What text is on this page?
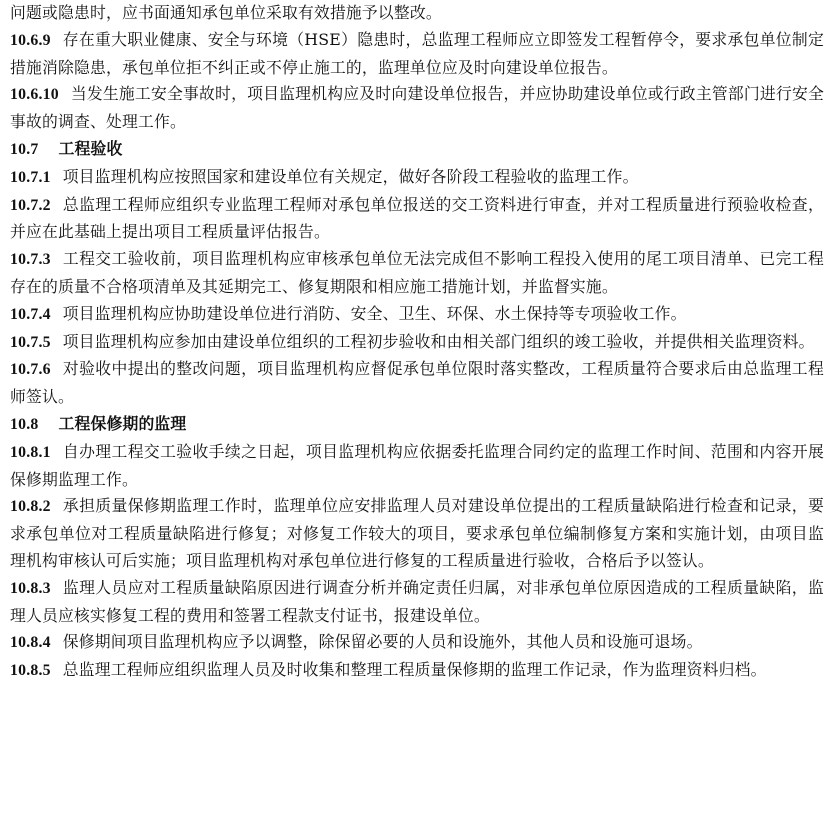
问题或隐患时，应书面通知承包单位采取有效措施予以整改。

10.6.9 存在重大职业健康、安全与环境（HSE）隐患时，总监理工程师应立即签发工程暂停令，要求承包单位制定措施消除隐患，承包单位拒不纠正或不停止施工的，监理单位应及时向建设单位报告。

10.6.10 当发生施工安全事故时，项目监理机构应及时向建设单位报告，并应协助建设单位或行政主管部门进行安全事故的调查、处理工作。

10.7 工程验收

10.7.1 项目监理机构应按照国家和建设单位有关规定，做好各阶段工程验收的监理工作。

10.7.2 总监理工程师应组织专业监理工程师对承包单位报送的交工资料进行审查，并对工程质量进行预验收检查，并应在此基础上提出项目工程质量评估报告。

10.7.3 工程交工验收前，项目监理机构应审核承包单位无法完成但不影响工程投入使用的尾工项目清单、已完工程存在的质量不合格项清单及其延期完工、修复期限和相应施工措施计划，并监督实施。

10.7.4 项目监理机构应协助建设单位进行消防、安全、卫生、环保、水土保持等专项验收工作。

10.7.5 项目监理机构应参加由建设单位组织的工程初步验收和由相关部门组织的竣工验收，并提供相关监理资料。

10.7.6 对验收中提出的整改问题，项目监理机构应督促承包单位限时落实整改，工程质量符合要求后由总监理工程师签认。

10.8 工程保修期的监理

10.8.1 自办理工程交工验收手续之日起，项目监理机构应依据委托监理合同约定的监理工作时间、范围和内容开展保修期监理工作。

10.8.2 承担质量保修期监理工作时，监理单位应安排监理人员对建设单位提出的工程质量缺陷进行检查和记录，要求承包单位对工程质量缺陷进行修复；对修复工作较大的项目，要求承包单位编制修复方案和实施计划，由项目监理机构审核认可后实施；项目监理机构对承包单位进行修复的工程质量进行验收，合格后予以签认。

10.8.3 监理人员应对工程质量缺陷原因进行调查分析并确定责任归属，对非承包单位原因造成的工程质量缺陷，监理人员应核实修复工程的费用和签署工程款支付证书，报建设单位。

10.8.4 保修期间项目监理机构应予以调整，除保留必要的人员和设施外，其他人员和设施可退场。

10.8.5 总监理工程师应组织监理人员及时收集和整理工程质量保修期的监理工作记录，作为监理资料归档。
